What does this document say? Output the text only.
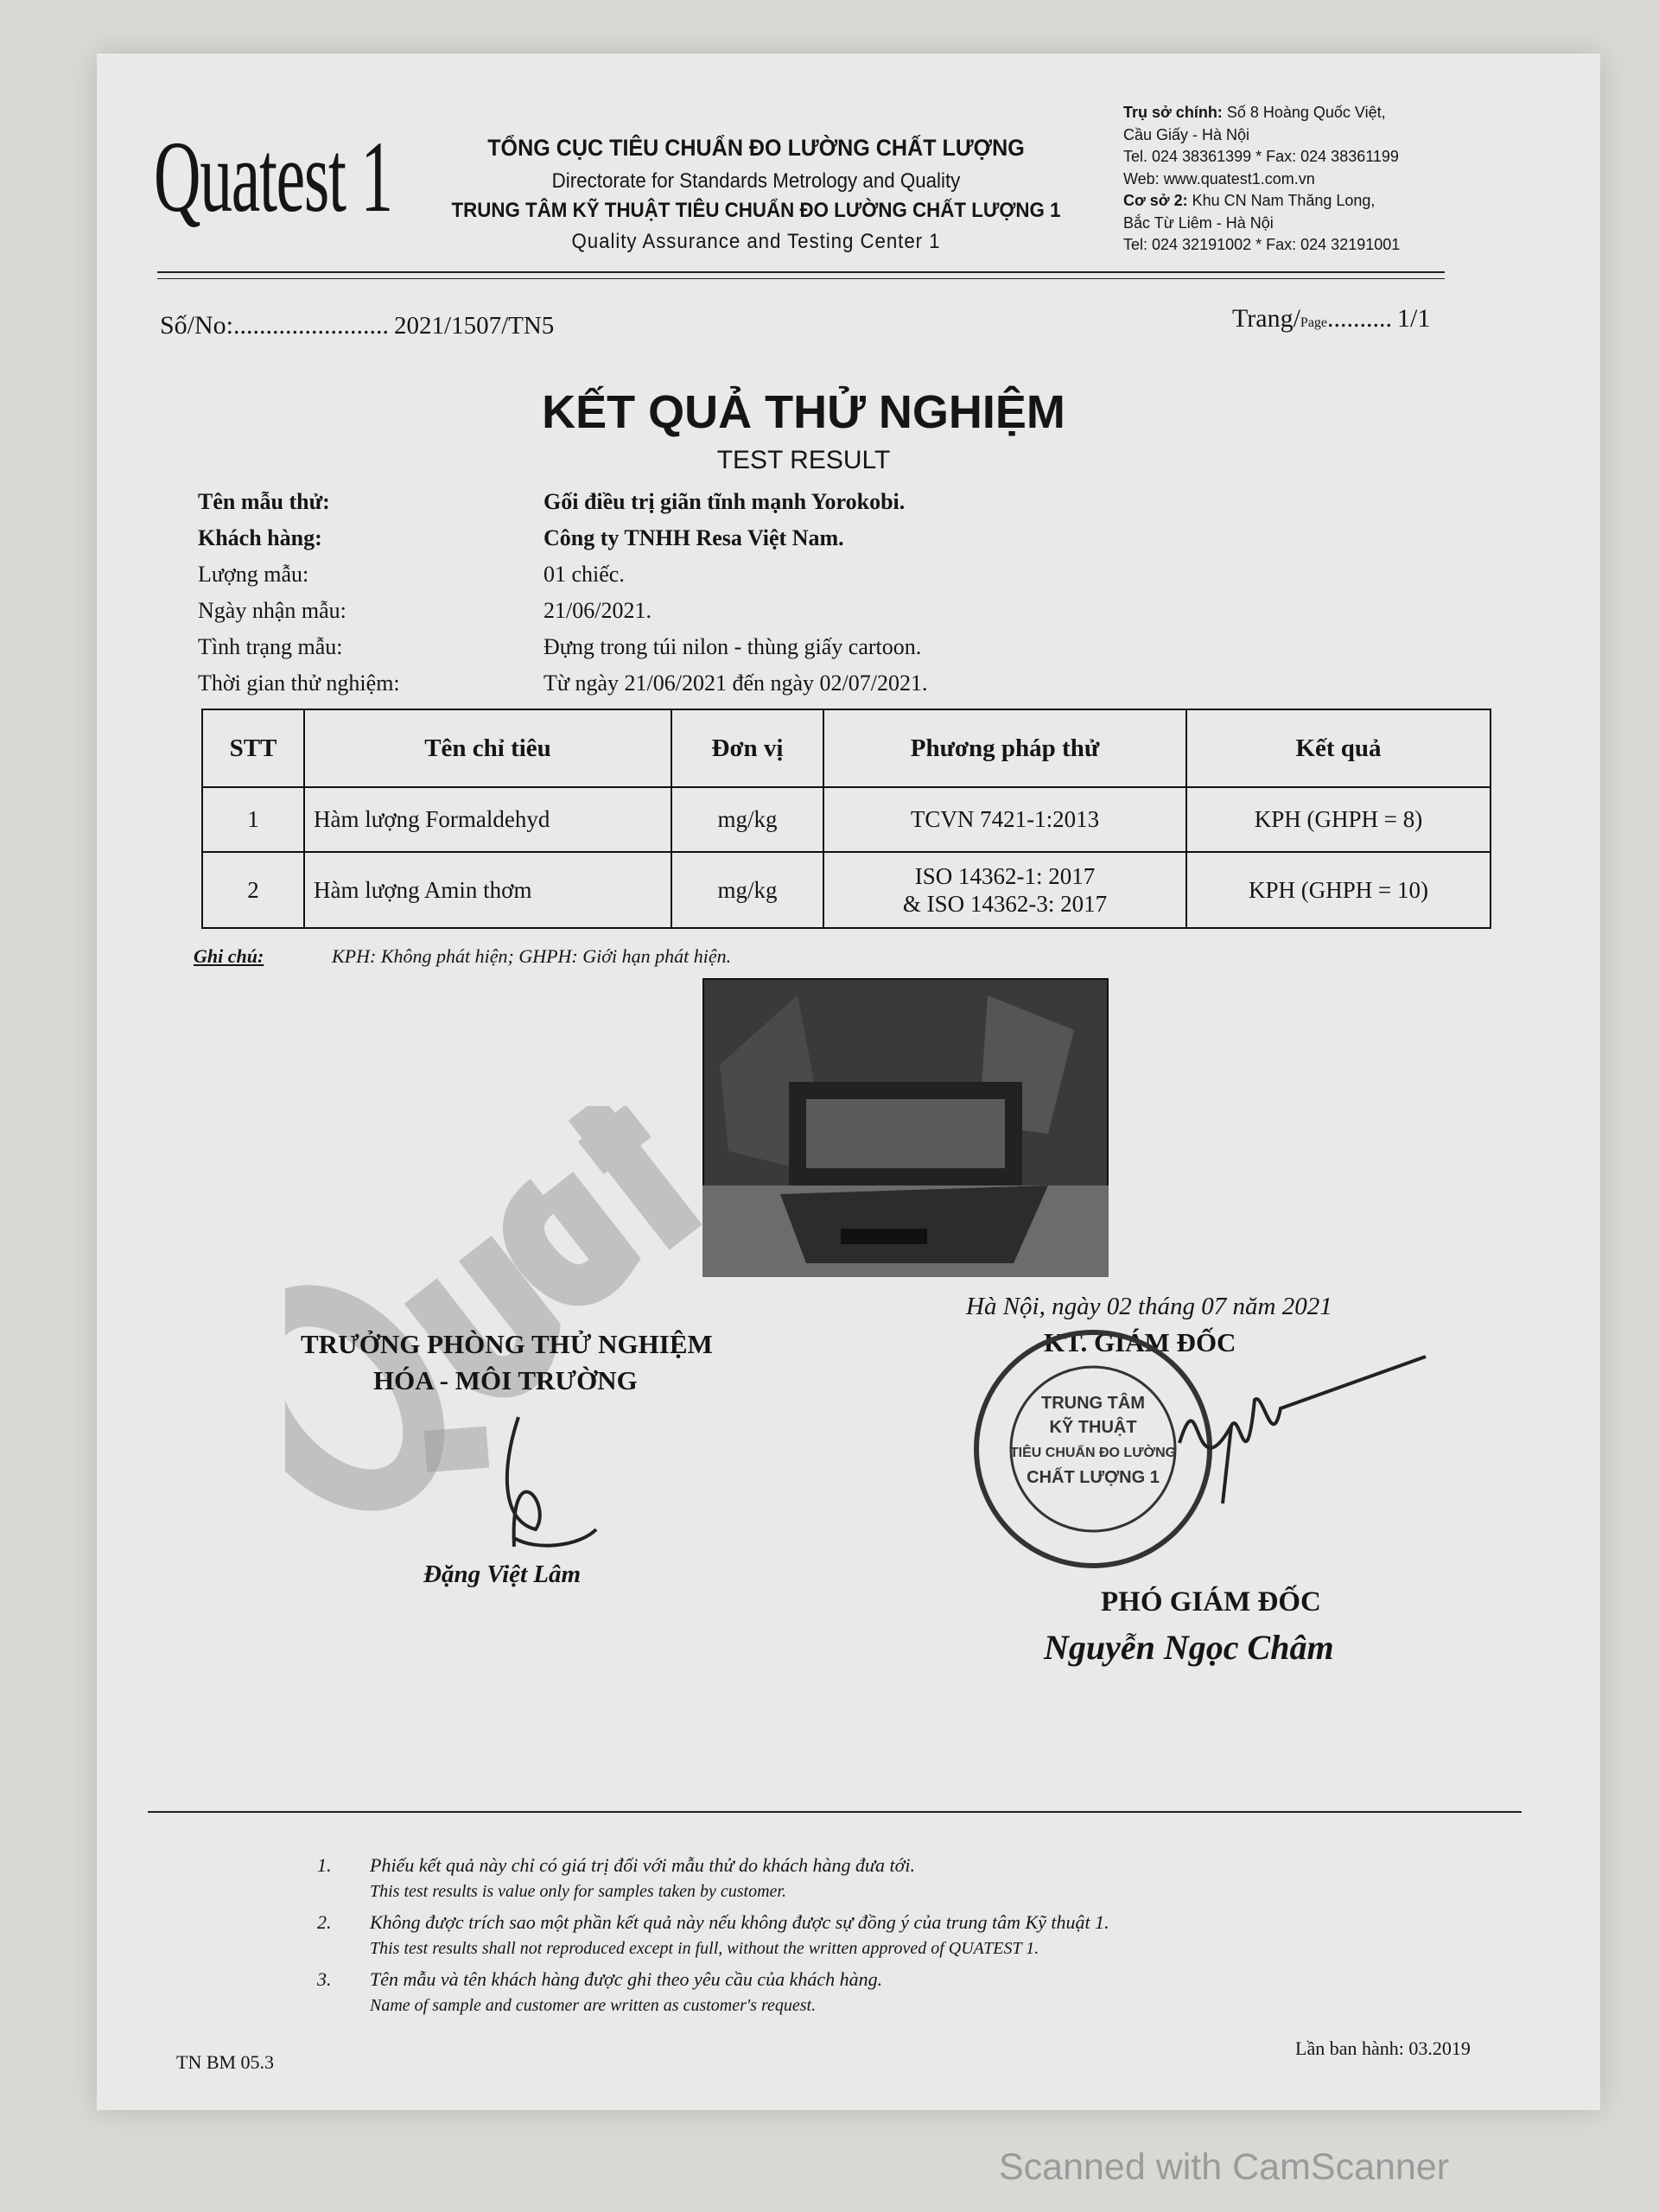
Quatest 1	TỔNG CỤC TIÊU CHUẨN ĐO LƯỜNG CHẤT LƯỢNG
Directorate for Standards Metrology and Quality
TRUNG TÂM KỸ THUẬT TIÊU CHUẨN ĐO LƯỜNG CHẤT LƯỢNG 1
Quality Assurance and Testing Center 1
Trụ sở chính: Số 8 Hoàng Quốc Việt,
Cầu Giấy - Hà Nội
Tel. 024 38361399 * Fax: 024 38361199
Web: www.quatest1.com.vn
Cơ sở 2: Khu CN Nam Thăng Long,
Bắc Từ Liêm - Hà Nội
Tel: 024 32191002 * Fax: 024 32191001
Số/No:........................ 2021/1507/TN5	Trang/Page.......... 1/1
KẾT QUẢ THỬ NGHIỆM
TEST RESULT
Tên mẫu thử:	Gối điều trị giãn tĩnh mạnh Yorokobi.
Khách hàng:	Công ty TNHH Resa Việt Nam.
Lượng mẫu:	01 chiếc.
Ngày nhận mẫu:	21/06/2021.
Tình trạng mẫu:	Đựng trong túi nilon - thùng giấy cartoon.
Thời gian thử nghiệm:	Từ ngày 21/06/2021 đến ngày 02/07/2021.
STT	Tên chỉ tiêu	Đơn vị	Phương pháp thử	Kết quả
1	Hàm lượng Formaldehyd	mg/kg	TCVN 7421-1:2013	KPH (GHPH = 8)
2	Hàm lượng Amin thơm	mg/kg	ISO 14362-1: 2017
& ISO 14362-3: 2017	KPH (GHPH = 10)
Ghi chú:	KPH: Không phát hiện; GHPH: Giới hạn phát hiện.
Hà Nội, ngày 02 tháng 07 năm 2021
TRƯỞNG PHÒNG THỬ NGHIỆM
HÓA - MÔI TRƯỜNG
Đặng Việt Lâm
KT. GIÁM ĐỐC
TRUNG TÂM
KỸ THUẬT
TIÊU CHUẨN ĐO LƯỜNG
CHẤT LƯỢNG 1
PHÓ GIÁM ĐỐC
Nguyễn Ngọc Châm
1. Phiếu kết quả này chỉ có giá trị đối với mẫu thử do khách hàng đưa tới.
This test results is value only for samples taken by customer.
2. Không được trích sao một phần kết quả này nếu không được sự đồng ý của trung tâm Kỹ thuật 1.
This test results shall not reproduced except in full, without the written approved of QUATEST 1.
3. Tên mẫu và tên khách hàng được ghi theo yêu cầu của khách hàng.
Name of sample and customer are written as customer's request.
TN BM 05.3
Lần ban hành: 03.2019
Scanned with CamScanner
